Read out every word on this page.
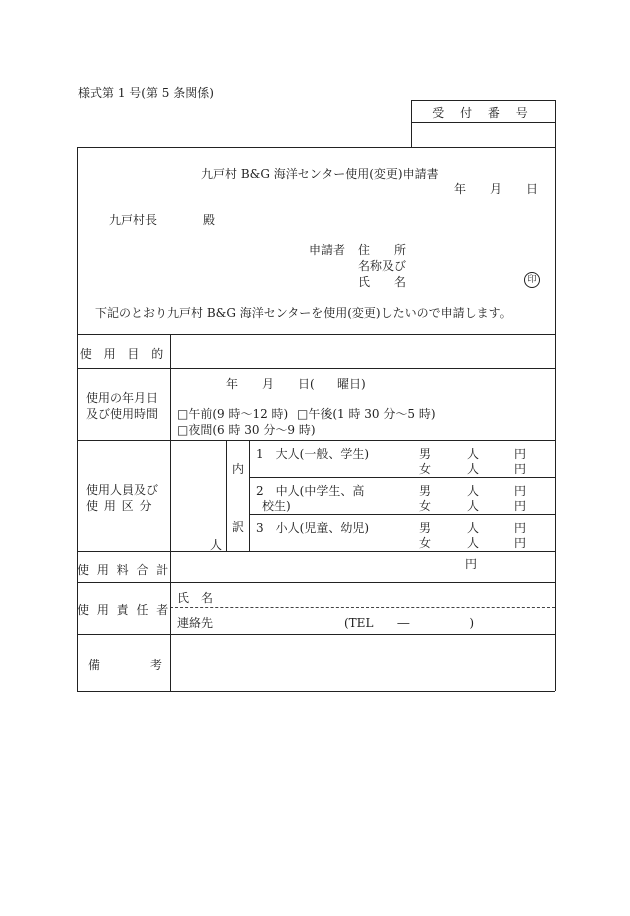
様式第 1 号(第 5 条関係)
受 付 番 号
九戸村 B&G 海洋センター使用(変更)申請書
年 月 日
九戸村長	殿
申請者 住　　所
名称及び
氏　　名	印
下記のとおり九戸村 B&G 海洋センターを使用(変更)したいので申請します。
使 用 目 的
使用の年月日
及び使用時間
年 月 日( 曜日)
□午前(9 時〜12 時) □午後(1 時 30 分〜5 時)
□夜間(6 時 30 分〜9 時)
使用人員及び
使 用 区 分
人
内
訳
1　大人(一般、学生)	男	人	円
女	人	円
2　中人(中学生、高
校生)
男	人	円
女	人	円
3　小人(児童、幼児)	男	人	円
女	人	円
使 用 料 合 計	円
使 用 責 任 者
氏　名
連絡先	(TEL　　―　　　　　)
備	考
